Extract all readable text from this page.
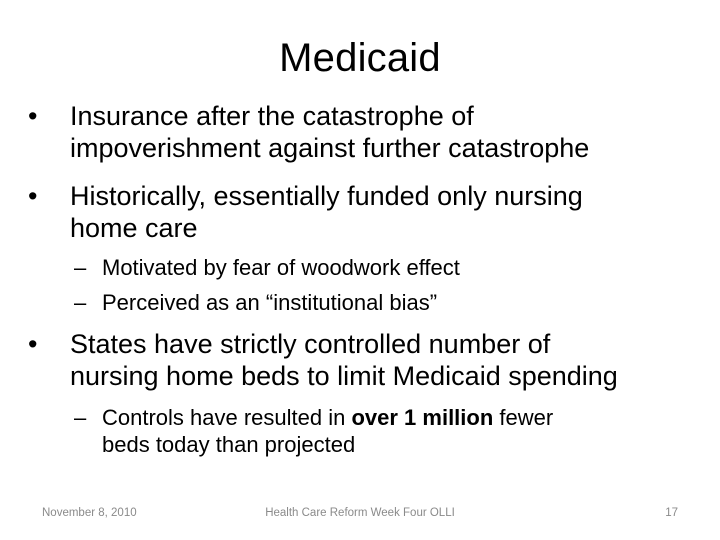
Medicaid
•	Insurance after the catastrophe of
impoverishment against further catastrophe
•	Historically, essentially funded only nursing
home care
– Motivated by fear of woodwork effect
– Perceived as an “institutional bias”
•	States have strictly controlled number of
nursing home beds to limit Medicaid spending
– Controls have resulted in over 1 million fewer
beds today than projected
November 8, 2010	Health Care Reform Week Four OLLI	17
